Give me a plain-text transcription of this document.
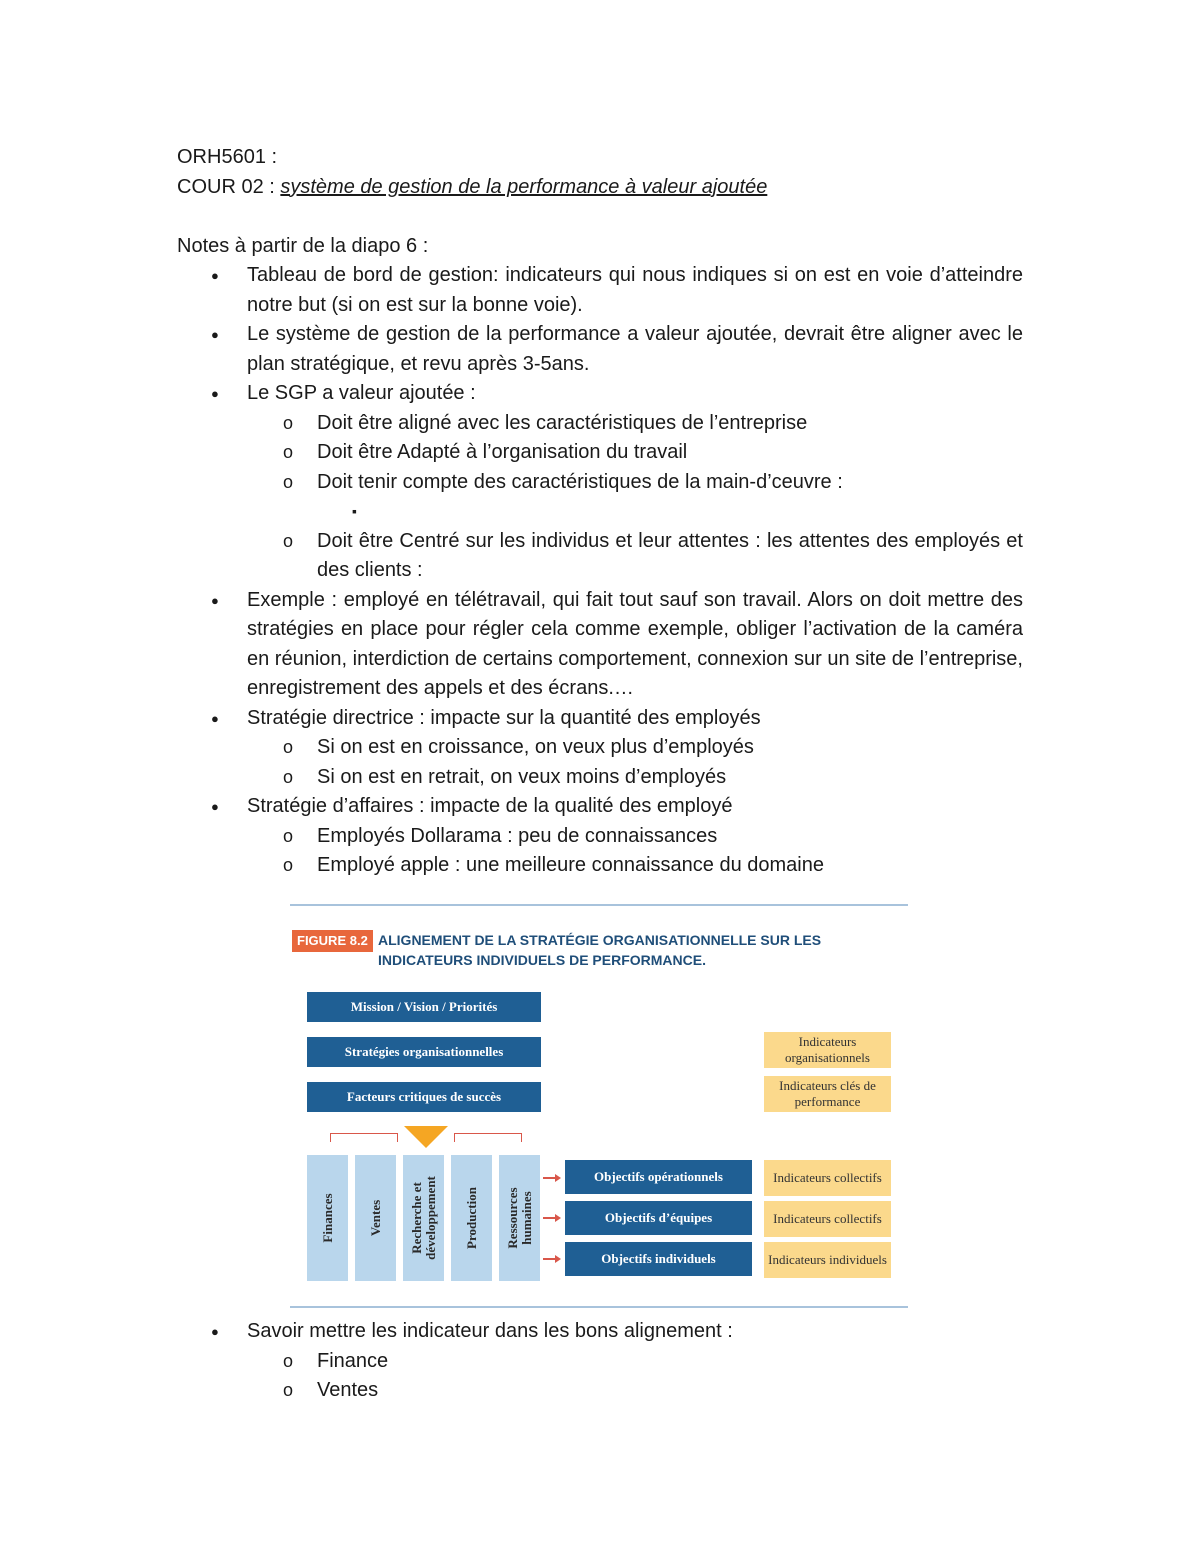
ORH5601 :
COUR 02 : système de gestion de la performance à valeur ajoutée
Notes à partir de la diapo 6 :
● Tableau de bord de gestion: indicateurs qui nous indiques si on est en voie d’atteindre notre but (si on est sur la bonne voie).
● Le système de gestion de la performance a valeur ajoutée, devrait être aligner avec le plan stratégique, et revu après 3-5ans.
● Le SGP a valeur ajoutée :
o Doit être aligné avec les caractéristiques de l’entreprise
o Doit être Adapté à l’organisation du travail
o Doit tenir compte des caractéristiques de la main-d’ceuvre :
▪
o Doit être Centré sur les individus et leur attentes : les attentes des employés et des clients :
● Exemple : employé en télétravail, qui fait tout sauf son travail. Alors on doit mettre des stratégies en place pour régler cela comme exemple, obliger l’activation de la caméra en réunion, interdiction de certains comportement, connexion sur un site de l’entreprise, enregistrement des appels et des écrans.…
● Stratégie directrice : impacte sur la quantité des employés
o Si on est en croissance, on veux plus d’employés
o Si on est en retrait, on veux moins d’employés
● Stratégie d’affaires : impacte de la qualité des employé
o Employés Dollarama : peu de connaissances
o Employé apple : une meilleure connaissance du domaine
FIGURE 8.2 ALIGNEMENT DE LA STRATÉGIE ORGANISATIONNELLE SUR LES INDICATEURS INDIVIDUELS DE PERFORMANCE.
Mission / Vision / Priorités
Stratégies organisationnelles
Facteurs critiques de succès
Finances	Ventes Recherche et développement Production Ressources humaines
Objectifs opérationnels
Objectifs d’équipes
Objectifs individuels
Indicateurs organisationnels
Indicateurs clés de performance
Indicateurs collectifs
Indicateurs collectifs
Indicateurs individuels
● Savoir mettre les indicateur dans les bons alignement :
o Finance
o Ventes
